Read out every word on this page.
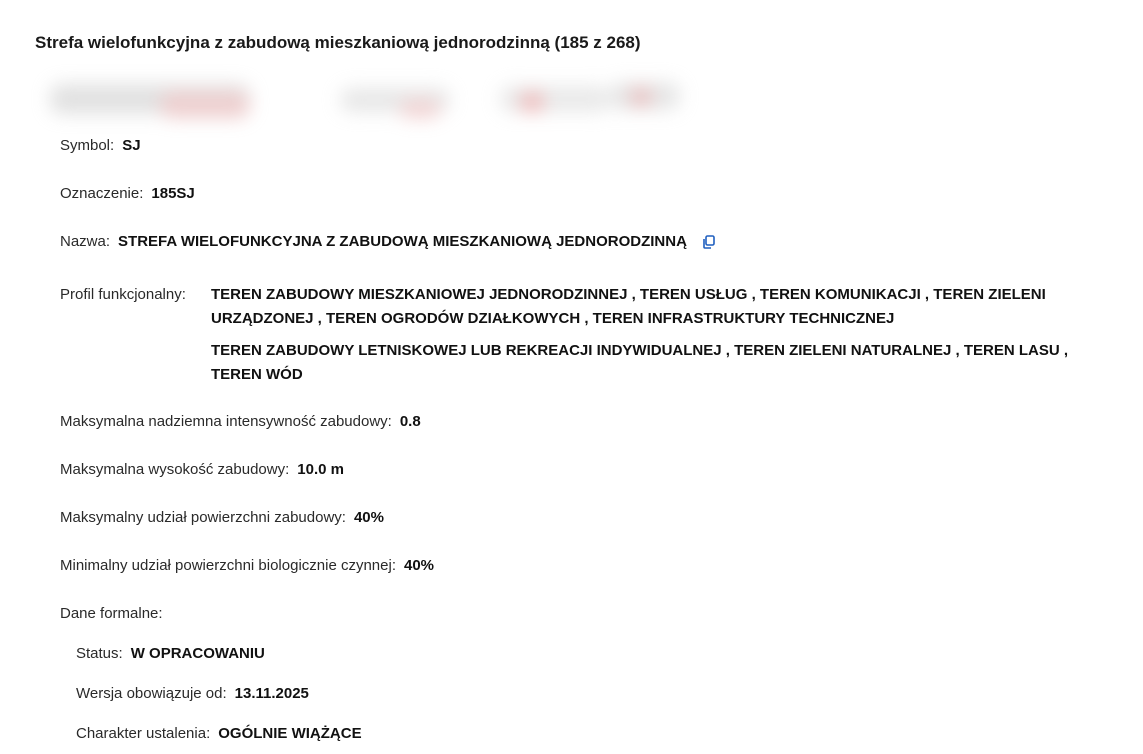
Strefa wielofunkcyjna z zabudową mieszkaniową jednorodzinną (185 z 268)
Symbol: SJ
Oznaczenie: 185SJ
Nazwa: STREFA WIELOFUNKCYJNA Z ZABUDOWĄ MIESZKANIOWĄ JEDNORODZINNĄ
Profil funkcjonalny: TEREN ZABUDOWY MIESZKANIOWEJ JEDNORODZINNEJ , TEREN USŁUG , TEREN KOMUNIKACJI , TEREN ZIELENI
URZĄDZONEJ , TEREN OGRODÓW DZIAŁKOWYCH , TEREN INFRASTRUKTURY TECHNICZNEJ
TEREN ZABUDOWY LETNISKOWEJ LUB REKREACJI INDYWIDUALNEJ , TEREN ZIELENI NATURALNEJ , TEREN LASU ,
TEREN WÓD
Maksymalna nadziemna intensywność zabudowy: 0.8
Maksymalna wysokość zabudowy: 10.0 m
Maksymalny udział powierzchni zabudowy: 40%
Minimalny udział powierzchni biologicznie czynnej: 40%
Dane formalne:
Status: W OPRACOWANIU
Wersja obowiązuje od: 13.11.2025
Charakter ustalenia: OGÓLNIE WIĄŻĄCE
